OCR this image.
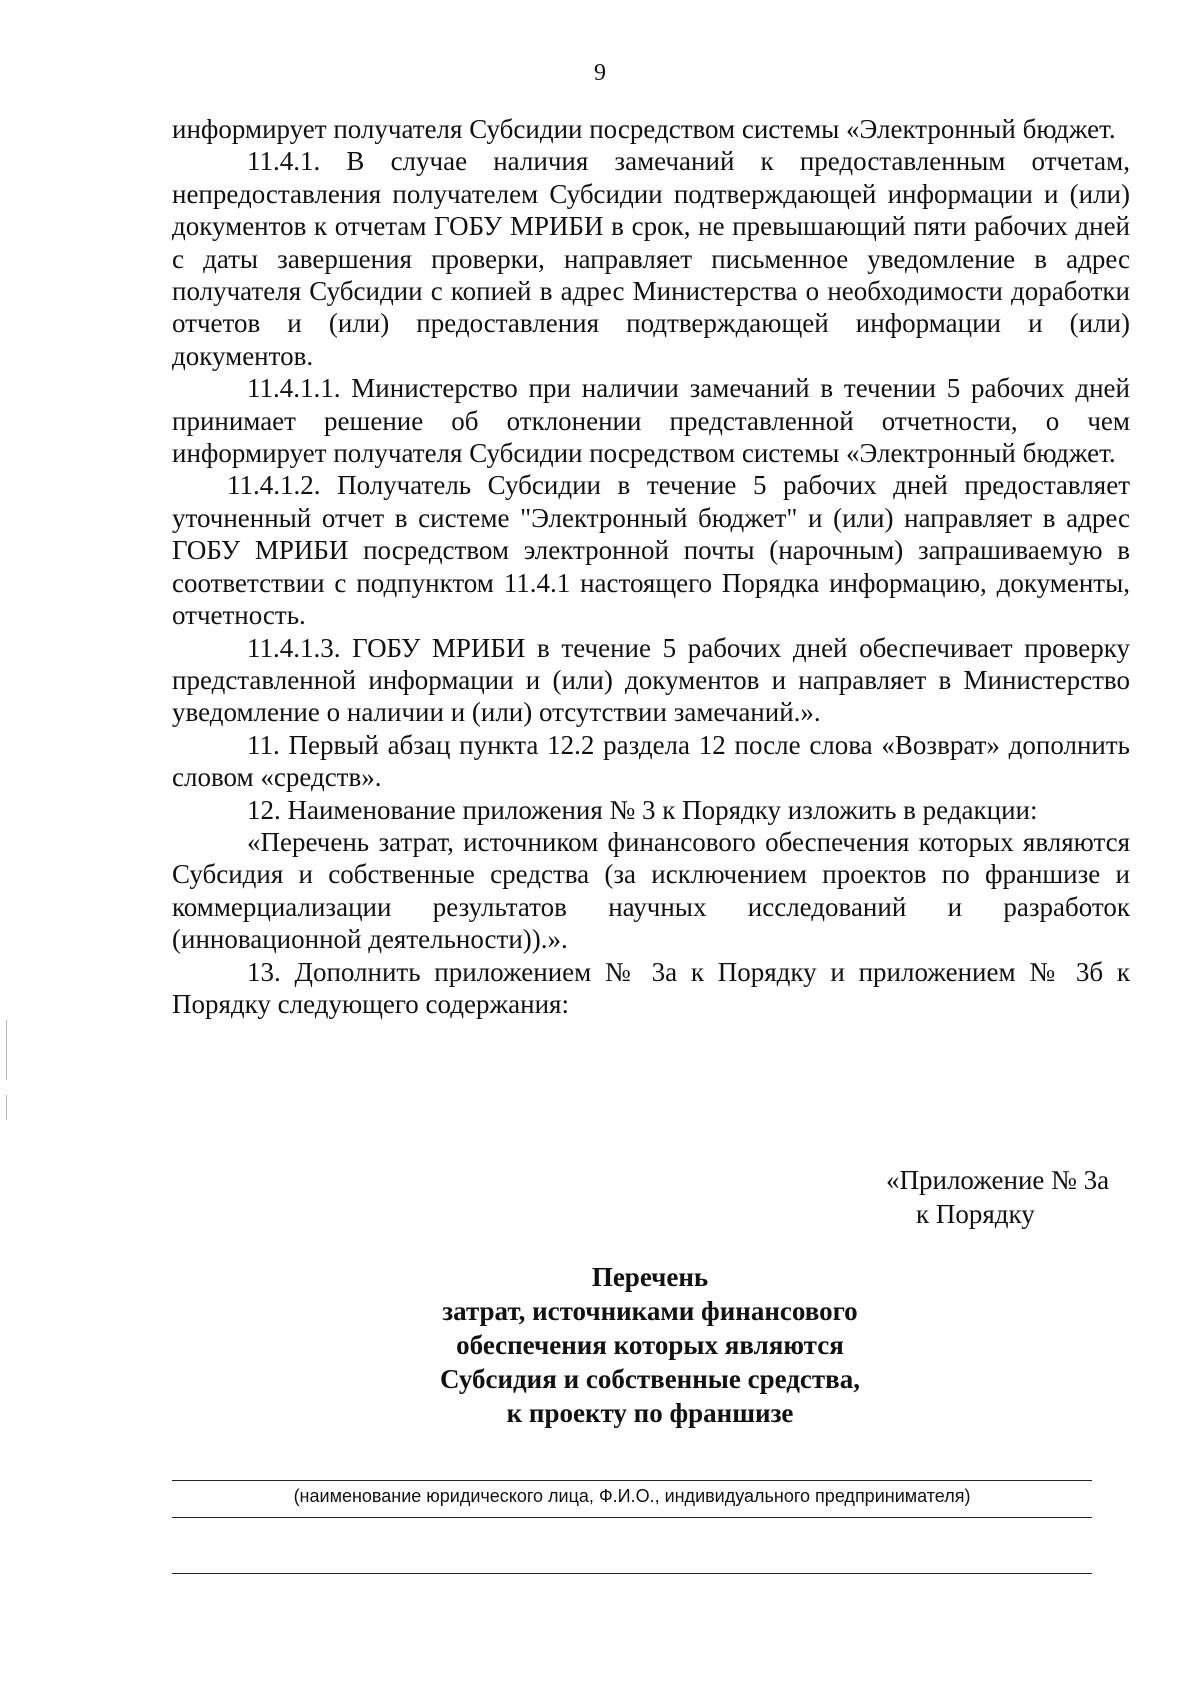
9

информирует получателя Субсидии посредством системы «Электронный бюджет.

11.4.1. В случае наличия замечаний к предоставленным отчетам, непредоставления получателем Субсидии подтверждающей информации и (или) документов к отчетам ГОБУ МРИБИ в срок, не превышающий пяти рабочих дней с даты завершения проверки, направляет письменное уведомление в адрес получателя Субсидии с копией в адрес Министерства о необходимости доработки отчетов и (или) предоставления подтверждающей информации и (или) документов.

11.4.1.1. Министерство при наличии замечаний в течении 5 рабочих дней принимает решение об отклонении представленной отчетности, о чем информирует получателя Субсидии посредством системы «Электронный бюджет.

11.4.1.2. Получатель Субсидии в течение 5 рабочих дней предоставляет уточненный отчет в системе "Электронный бюджет" и (или) направляет в адрес ГОБУ МРИБИ посредством электронной почты (нарочным) запрашиваемую в соответствии с подпунктом 11.4.1 настоящего Порядка информацию, документы, отчетность.

11.4.1.3. ГОБУ МРИБИ в течение 5 рабочих дней обеспечивает проверку представленной информации и (или) документов и направляет в Министерство уведомление о наличии и (или) отсутствии замечаний.».

11. Первый абзац пункта 12.2 раздела 12 после слова «Возврат» дополнить словом «средств».

12. Наименование приложения № 3 к Порядку изложить в редакции:

«Перечень затрат, источником финансового обеспечения которых являются Субсидия и собственные средства (за исключением проектов по франшизе и коммерциализации результатов научных исследований и разработок (инновационной деятельности)).».

13. Дополнить приложением № 3а к Порядку и приложением № 3б к Порядку следующего содержания:

«Приложение № 3а
к Порядку
Перечень
затрат, источниками финансового
обеспечения которых являются
Субсидия и собственные средства,
к проекту по франшизе
(наименование юридического лица, Ф.И.О., индивидуального предпринимателя)
